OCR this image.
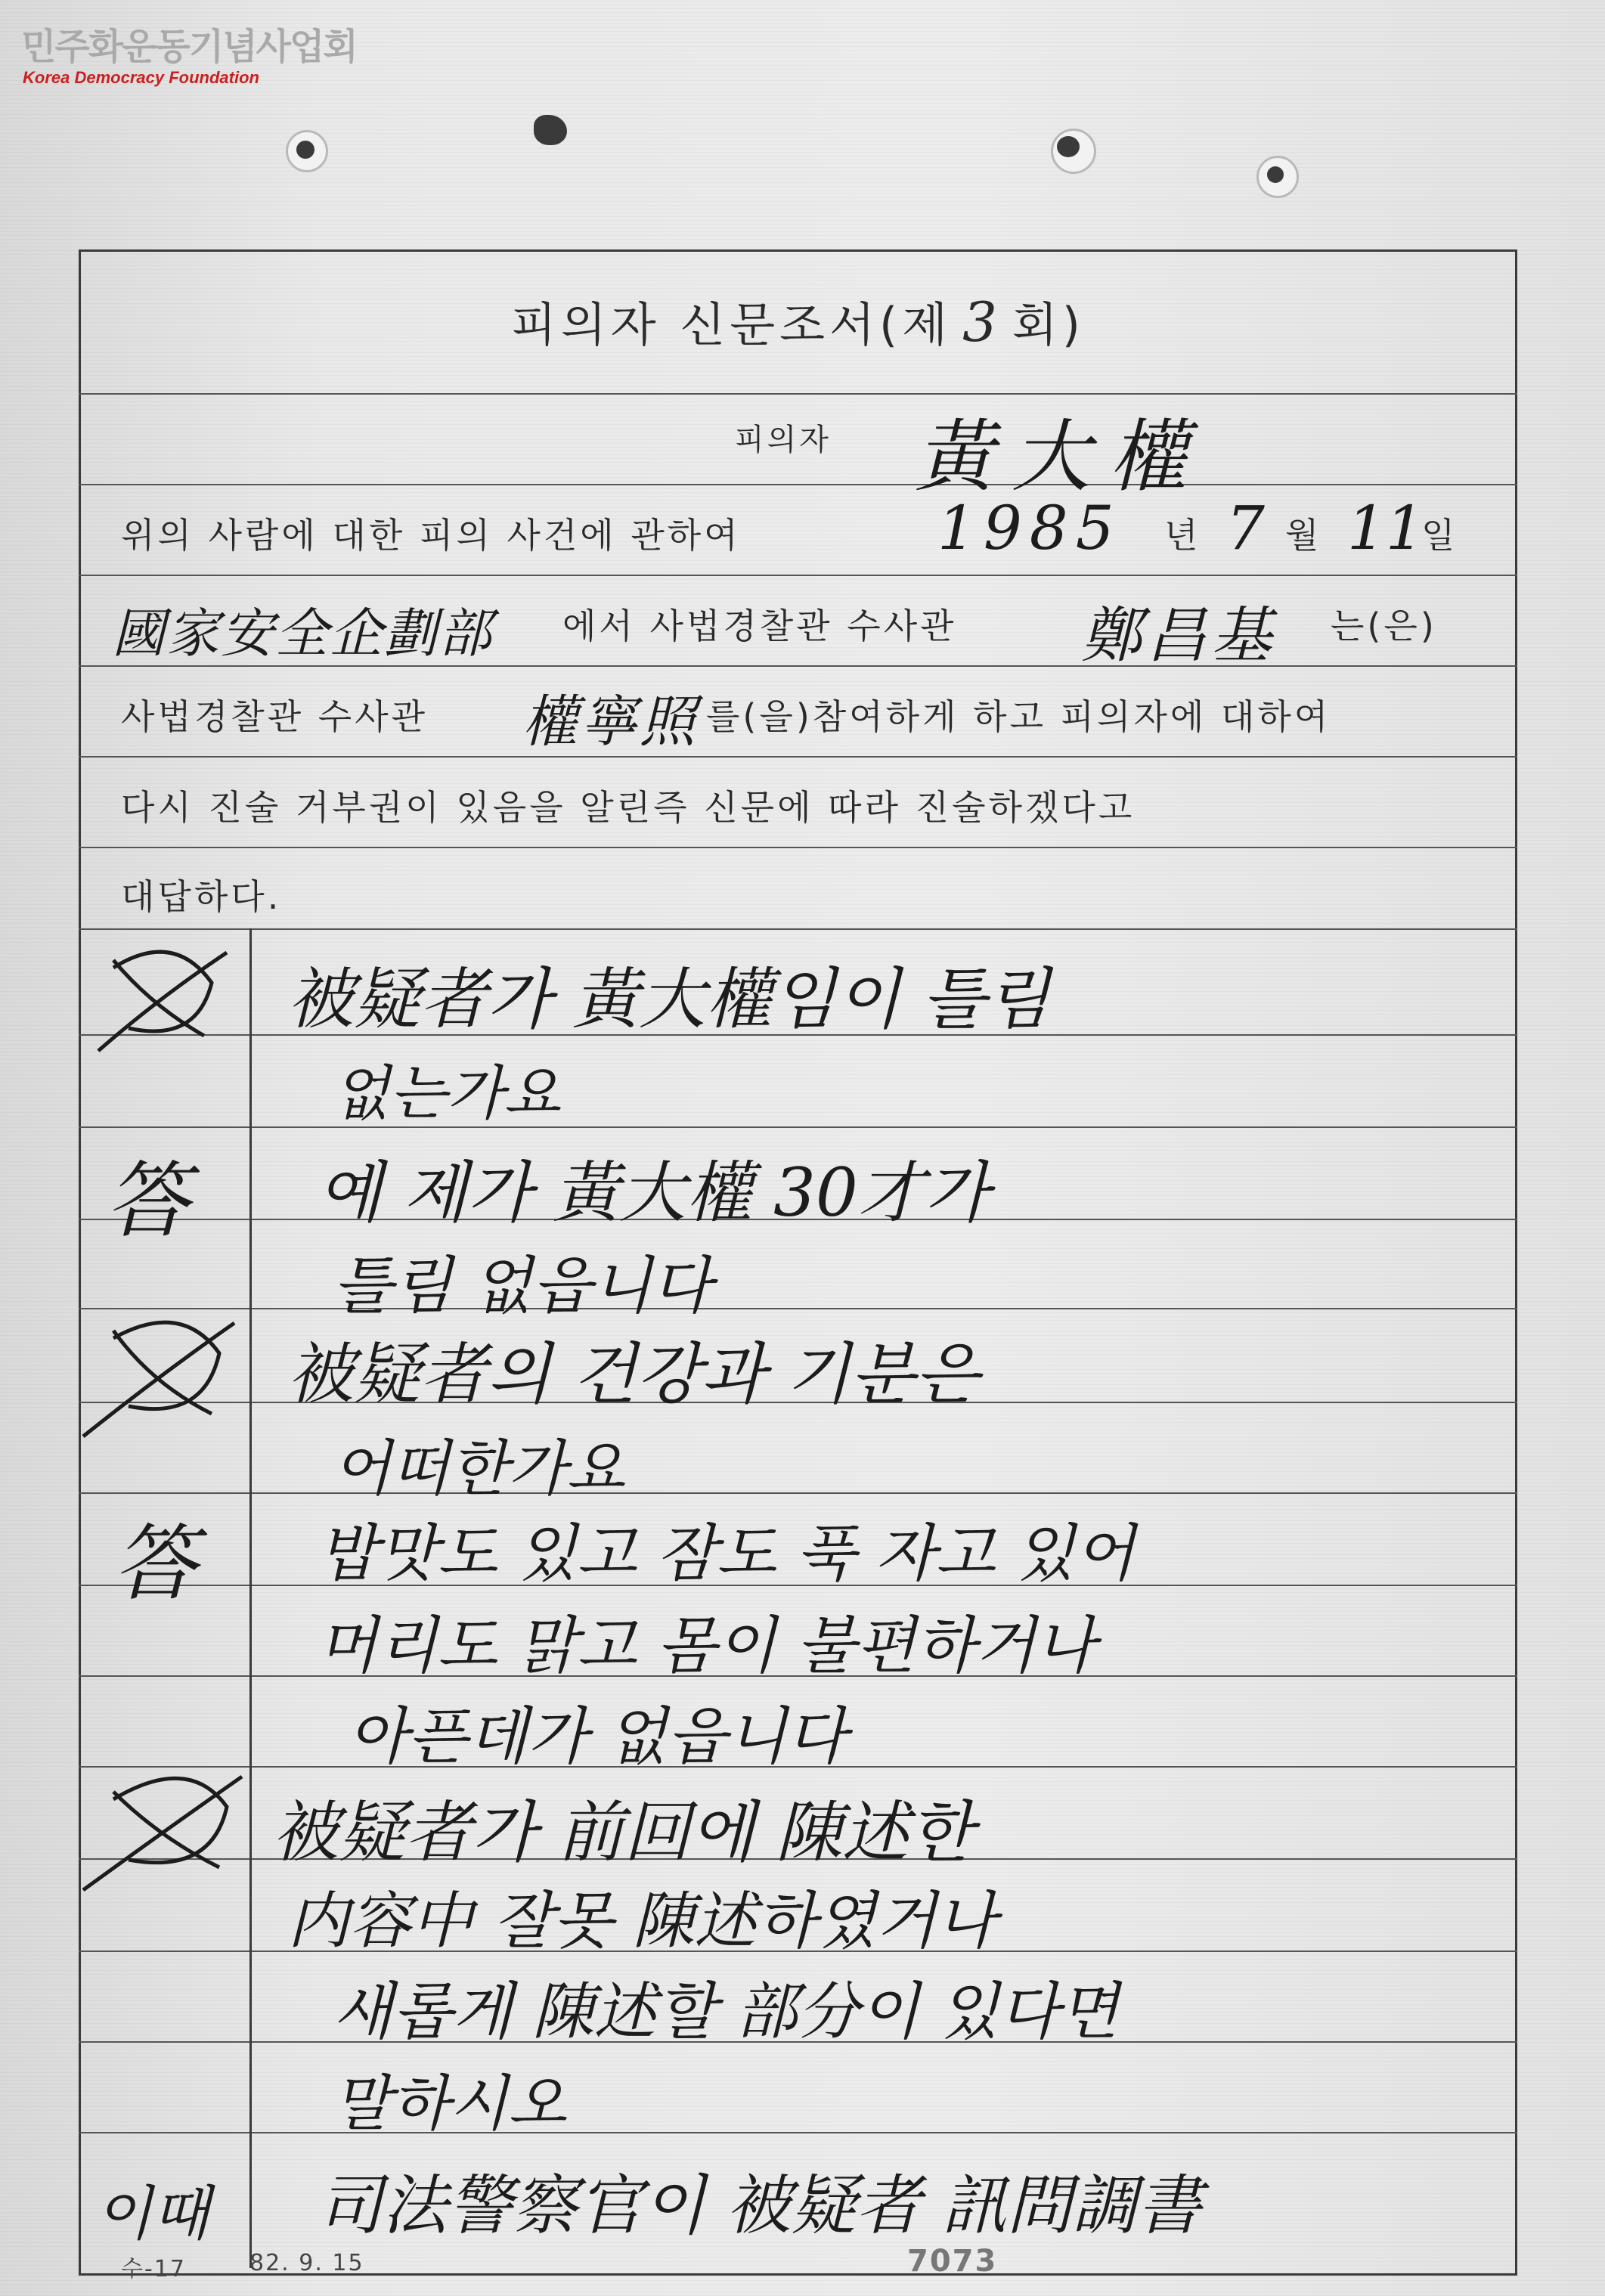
민주화운동기념사업회
Korea Democracy Foundation
피의자 신문조서(제 3 회)
피의자 黃大權
위의 사람에 대한 피의 사건에 관하여	1985 년 7 월 11
일
國家安全企劃部 에서 사법경찰관 수사관 鄭昌基 는(은)
사법경찰관 수사관 權寧照 를(을)참여하게 하고 피의자에 대하여
다시 진술 거부권이 있음을 알린즉 신문에 따라 진술하겠다고
대답하다.
被疑者가 黃大權임이 틀림
없는가요
答 예 제가 黃大權 30才가
틀림 없읍니다
被疑者의 건강과 기분은
어떠한가요
答 밥맛도 있고 잠도 푹 자고 있어
머리도 맑고 몸이 불편하거나
아픈데가 없읍니다
被疑者가 前回에 陳述한
内容中 잘못 陳述하였거나
새롭게 陳述할 部分이 있다면
말하시오
이때 司法警察官이 被疑者 訊問調書
수-17	82. 9. 15	7073
